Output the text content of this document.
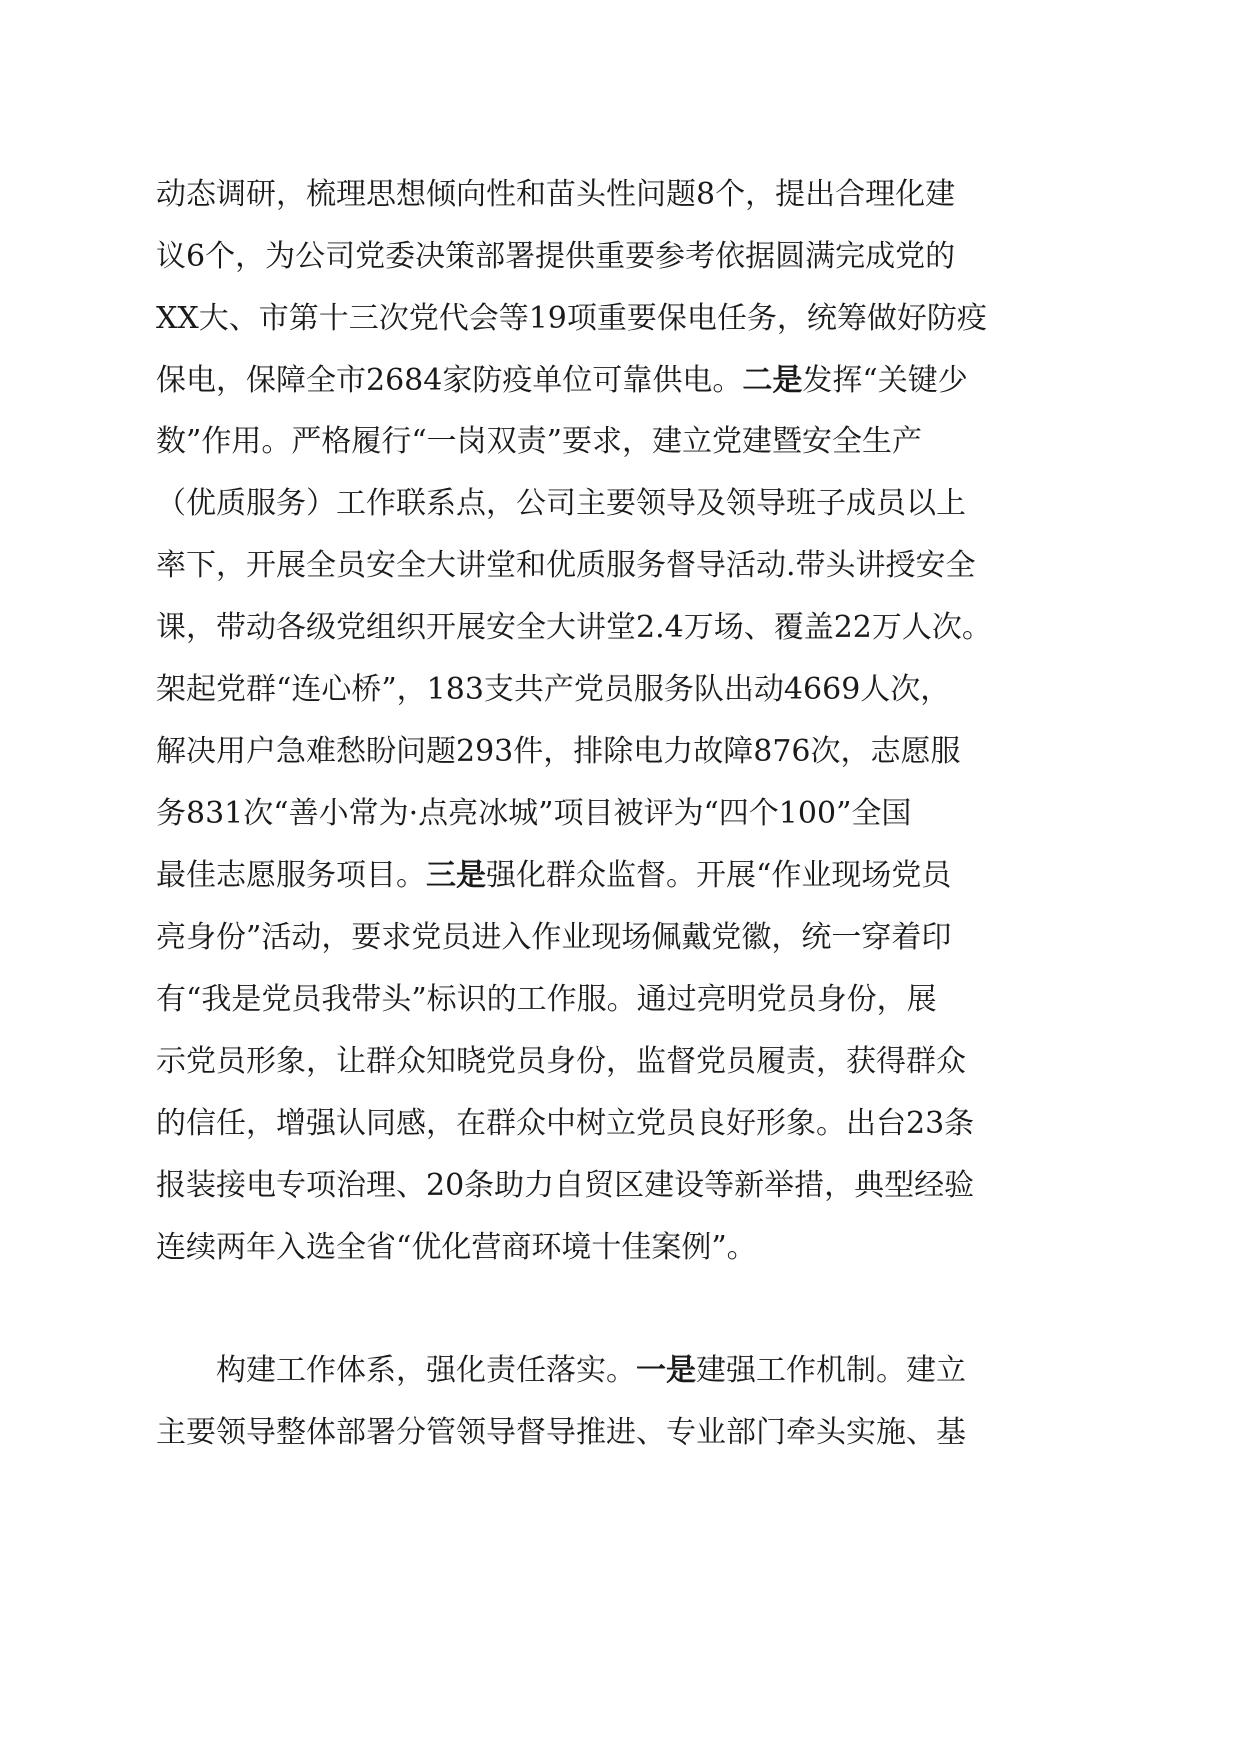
动态调研，梳理思想倾向性和苗头性问题8个，提出合理化建
议6个，为公司党委决策部署提供重要参考依据圆满完成党的
XX大、市第十三次党代会等19项重要保电任务，统筹做好防疫
保电，保障全市2684家防疫单位可靠供电。二是发挥“关键少
数”作用。严格履行“一岗双责”要求，建立党建暨安全生产
（优质服务）工作联系点，公司主要领导及领导班子成员以上
率下，开展全员安全大讲堂和优质服务督导活动.带头讲授安全
课，带动各级党组织开展安全大讲堂2.4万场、覆盖22万人次。
架起党群“连心桥”，183支共产党员服务队出动4669人次，
解决用户急难愁盼问题293件，排除电力故障876次，志愿服
务831次“善小常为·点亮冰城”项目被评为“四个100”全国
最佳志愿服务项目。三是强化群众监督。开展“作业现场党员
亮身份”活动，要求党员进入作业现场佩戴党徽，统一穿着印
有“我是党员我带头”标识的工作服。通过亮明党员身份，展
示党员形象，让群众知晓党员身份，监督党员履责，获得群众
的信任，增强认同感，在群众中树立党员良好形象。出台23条
报装接电专项治理、20条助力自贸区建设等新举措，典型经验
连续两年入选全省“优化营商环境十佳案例”。
构建工作体系，强化责任落实。一是建强工作机制。建立
主要领导整体部署分管领导督导推进、专业部门牵头实施、基
